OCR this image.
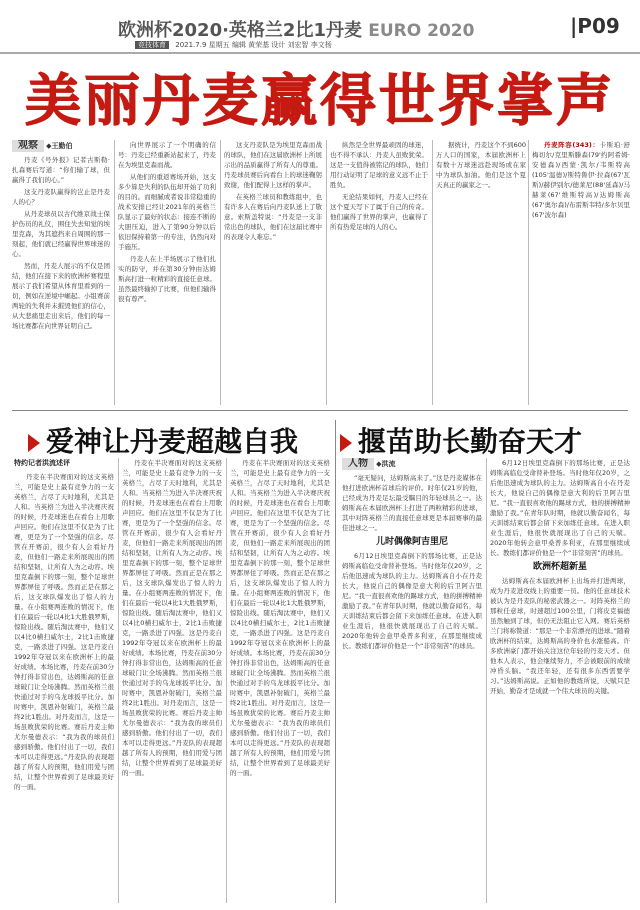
欧洲杯2020·英格兰2比1丹麦 EURO 2020	|P09
竞技体育 2021.7.9 星期五 编辑 黄荣基 设计 刘宏智 李文杨
美丽丹麦赢得世界掌声
观察 ◆王勤伯

丹麦《号外报》记者古斯勒·扎森赛后写道：“你们输了球，但赢得了我们的心。”

这支丹麦队赢得的岂止是丹麦人的心？

从丹麦球员以古代维京战士保护伤员的礼仪，围住失去知觉的埃里克森，为其遮挡来自周围的那一刻起，他们就已经赢得世界球迷的心。

然而，丹麦人展示的不仅是团结，他们在接下来的欧洲杯赛程里展示了我们希望从体育里看到的一切，例如在逆境中崛起。小组赛前两轮的失利并未摧毁他们的信心，从大悲痛里走出来后，他们的每一场比赛都在向世界证明自己。

向世界展示了一个明确的信号：丹麦已经重新站起来了，丹麦在为埃里克森而战。

从他们的重返赛场开始，这支多少算是失利的队伍却开始了功利的目的。而细腻或者说非常稳重的战术安排已经让2021年的英格兰队显示了最好的状态：接连不断的大胆压迫，进入了第90分钟以后依旧保持着第一的专注，仍然向对手施压。

丹麦人在上半场展示了他们扎实的防守，并在第30分钟由达姆斯高打进一粒精彩的直接任意球。虽然最终输掉了比赛，但他们输得很有尊严。

这支丹麦队是为埃里克森而战的球队，他们在这届欧洲杯上所展示出的品质赢得了所有人的尊重。丹麦球员赛后向看台上的球迷鞠躬致谢，他们配得上这样的掌声。

在英格兰球员和教练组中，也有许多人在赛后向丹麦队送上了敬意。索斯盖特说：“丹麦是一支非常出色的球队，他们在这届比赛中的表现令人难忘。”

纵然是全世界最顽固的球迷，也不得不承认：丹麦人虽败犹荣。这是一支值得被铭记的球队，他们用行动证明了足球的意义远不止于胜负。

无论结果如何，丹麦人已经在这个夏天写下了属于自己的传奇。他们赢得了世界的掌声，也赢得了所有热爱足球的人的心。

据统计，丹麦这个不到600万人口的国家，本届欧洲杯上有数十万球迷远赴现场或在家中为球队加油。他们是这个夏天真正的赢家之一。

丹麦阵容(343)：卡斯珀·舒梅切尔/克里斯滕森(79'约阿希姆·安德森)/西蒙·凯尔/韦斯特高(105'温德)/斯特鲁伊·拉森(67'瓦斯)/赫伊别尔/德莱尼(88'延森)/马赫莱(67'维斯特高)/达姆斯高(67'奥尔森)/布雷斯韦特/多尔贝里(67'波尔森)

爱神让丹麦超越自我	揠苗助长勤奋天才
特约记者洪流述评

丹麦在半决赛面对的这支英格兰，可能是史上最有竞争力的一支英格兰，占尽了天时地利，尤其是人和。当英格兰为进入半决赛庆祝的时候，丹麦球迷也在看台上用歌声回应。他们在这里不仅是为了比赛，更是为了一个坚强的信念。尽管在开赛前，很少有人会看好丹麦，但他们一路走来所展现出的团结和坚韧，让所有人为之动容。埃里克森倒下的那一刻，整个足球世界都屏住了呼吸。然而正是在那之后，这支球队爆发出了惊人的力量。在小组赛两连败的情况下，他们在最后一轮以4比1大胜俄罗斯，惊险出线。随后淘汰赛中，他们又以4比0横扫威尔士，2比1击败捷克，一路杀进了四强。这是丹麦自1992年夺冠以来在欧洲杯上的最好成绩。本场比赛，丹麦在前30分钟打得非常出色，达姆斯高的任意球破门让全场沸腾。然而英格兰很快通过对手的乌龙球扳平比分。加时赛中，凯恩补射破门，英格兰最终2比1胜出。对丹麦而言，这是一场虽败犹荣的比赛。赛后丹麦主帅尤尔曼德表示：“我为我的球员们感到骄傲。他们付出了一切，我们本可以走得更远。”丹麦队的表现超越了所有人的预期，他们用爱与团结，让整个世界看到了足球最美好的一面。

丹麦在半决赛面对的这支英格兰，可能是史上最有竞争力的一支英格兰，占尽了天时地利，尤其是人和。当英格兰为进入半决赛庆祝的时候，丹麦球迷也在看台上用歌声回应。他们在这里不仅是为了比赛，更是为了一个坚强的信念。尽管在开赛前，很少有人会看好丹麦，但他们一路走来所展现出的团结和坚韧，让所有人为之动容。埃里克森倒下的那一刻，整个足球世界都屏住了呼吸。然而正是在那之后，这支球队爆发出了惊人的力量。在小组赛两连败的情况下，他们在最后一轮以4比1大胜俄罗斯，惊险出线。随后淘汰赛中，他们又以4比0横扫威尔士，2比1击败捷克，一路杀进了四强。这是丹麦自1992年夺冠以来在欧洲杯上的最好成绩。本场比赛，丹麦在前30分钟打得非常出色，达姆斯高的任意球破门让全场沸腾。然而英格兰很快通过对手的乌龙球扳平比分。加时赛中，凯恩补射破门，英格兰最终2比1胜出。对丹麦而言，这是一场虽败犹荣的比赛。赛后丹麦主帅尤尔曼德表示：“我为我的球员们感到骄傲。他们付出了一切，我们本可以走得更远。”丹麦队的表现超越了所有人的预期，他们用爱与团结，让整个世界看到了足球最美好的一面。

丹麦在半决赛面对的这支英格兰，可能是史上最有竞争力的一支英格兰，占尽了天时地利，尤其是人和。当英格兰为进入半决赛庆祝的时候，丹麦球迷也在看台上用歌声回应。他们在这里不仅是为了比赛，更是为了一个坚强的信念。尽管在开赛前，很少有人会看好丹麦，但他们一路走来所展现出的团结和坚韧，让所有人为之动容。埃里克森倒下的那一刻，整个足球世界都屏住了呼吸。然而正是在那之后，这支球队爆发出了惊人的力量。在小组赛两连败的情况下，他们在最后一轮以4比1大胜俄罗斯，惊险出线。随后淘汰赛中，他们又以4比0横扫威尔士，2比1击败捷克，一路杀进了四强。这是丹麦自1992年夺冠以来在欧洲杯上的最好成绩。本场比赛，丹麦在前30分钟打得非常出色，达姆斯高的任意球破门让全场沸腾。然而英格兰很快通过对手的乌龙球扳平比分。加时赛中，凯恩补射破门，英格兰最终2比1胜出。对丹麦而言，这是一场虽败犹荣的比赛。赛后丹麦主帅尤尔曼德表示：“我为我的球员们感到骄傲。他们付出了一切，我们本可以走得更远。”丹麦队的表现超越了所有人的预期，他们用爱与团结，让整个世界看到了足球最美好的一面。

人物 ◆洪流

“毫无疑问，达姆斯高来了。”这是丹麦媒体在他打进欧洲杯首球后的评价。时年仅21岁的他，已经成为丹麦足坛最受瞩目的年轻球员之一。达姆斯高在本届欧洲杯上打进了两粒精彩的进球，其中对阵英格兰的直接任意球更是本届赛事的最佳进球之一。

儿时偶像阿吉里尼

6月12日埃里克森倒下的那场比赛，正是达姆斯高临危受命替补登场。当时他年仅20岁，之后他迅速成为球队的主力。达姆斯高自小在丹麦长大，他说自己的偶像是意大利的后卫阿吉里尼。“我一直很喜欢他的踢球方式，他的拼搏精神激励了我。”在青年队时期，他就以勤奋闻名，每天训练结束后都会留下来加练任意球。在进入职业生涯后，他很快就展现出了自己的天赋。2020年他转会意甲桑普多利亚，在那里继续成长。教练们都评价他是一个“非常刻苦”的球员。

6月12日埃里克森倒下的那场比赛，正是达姆斯高临危受命替补登场。当时他年仅20岁，之后他迅速成为球队的主力。达姆斯高自小在丹麦长大，他说自己的偶像是意大利的后卫阿吉里尼。“我一直很喜欢他的踢球方式，他的拼搏精神激励了我。”在青年队时期，他就以勤奋闻名，每天训练结束后都会留下来加练任意球。在进入职业生涯后，他很快就展现出了自己的天赋。2020年他转会意甲桑普多利亚，在那里继续成长。教练们都评价他是一个“非常刻苦”的球员。

欧洲杯超新星

达姆斯高在本届欧洲杯上出场并打进两球，成为丹麦进攻线上的重要一员。他的任意球技术被认为是丹麦队的秘密武器之一。对阵英格兰的那粒任意球，时速超过100公里，门将皮克福德虽然触到了球，但仍无法阻止它入网。赛后英格兰门将称赞道：“那是一个非常漂亮的进球。”随着欧洲杯的结束，达姆斯高的身价也水涨船高。许多欧洲豪门都开始关注这位年轻的丹麦天才。但他本人表示，他会继续努力，不会被眼前的成绩冲昏头脑。“我还年轻，还有很多东西需要学习。”达姆斯高说。正如他的教练所说，天赋只是开始，勤奋才是成就一个伟大球员的关键。
